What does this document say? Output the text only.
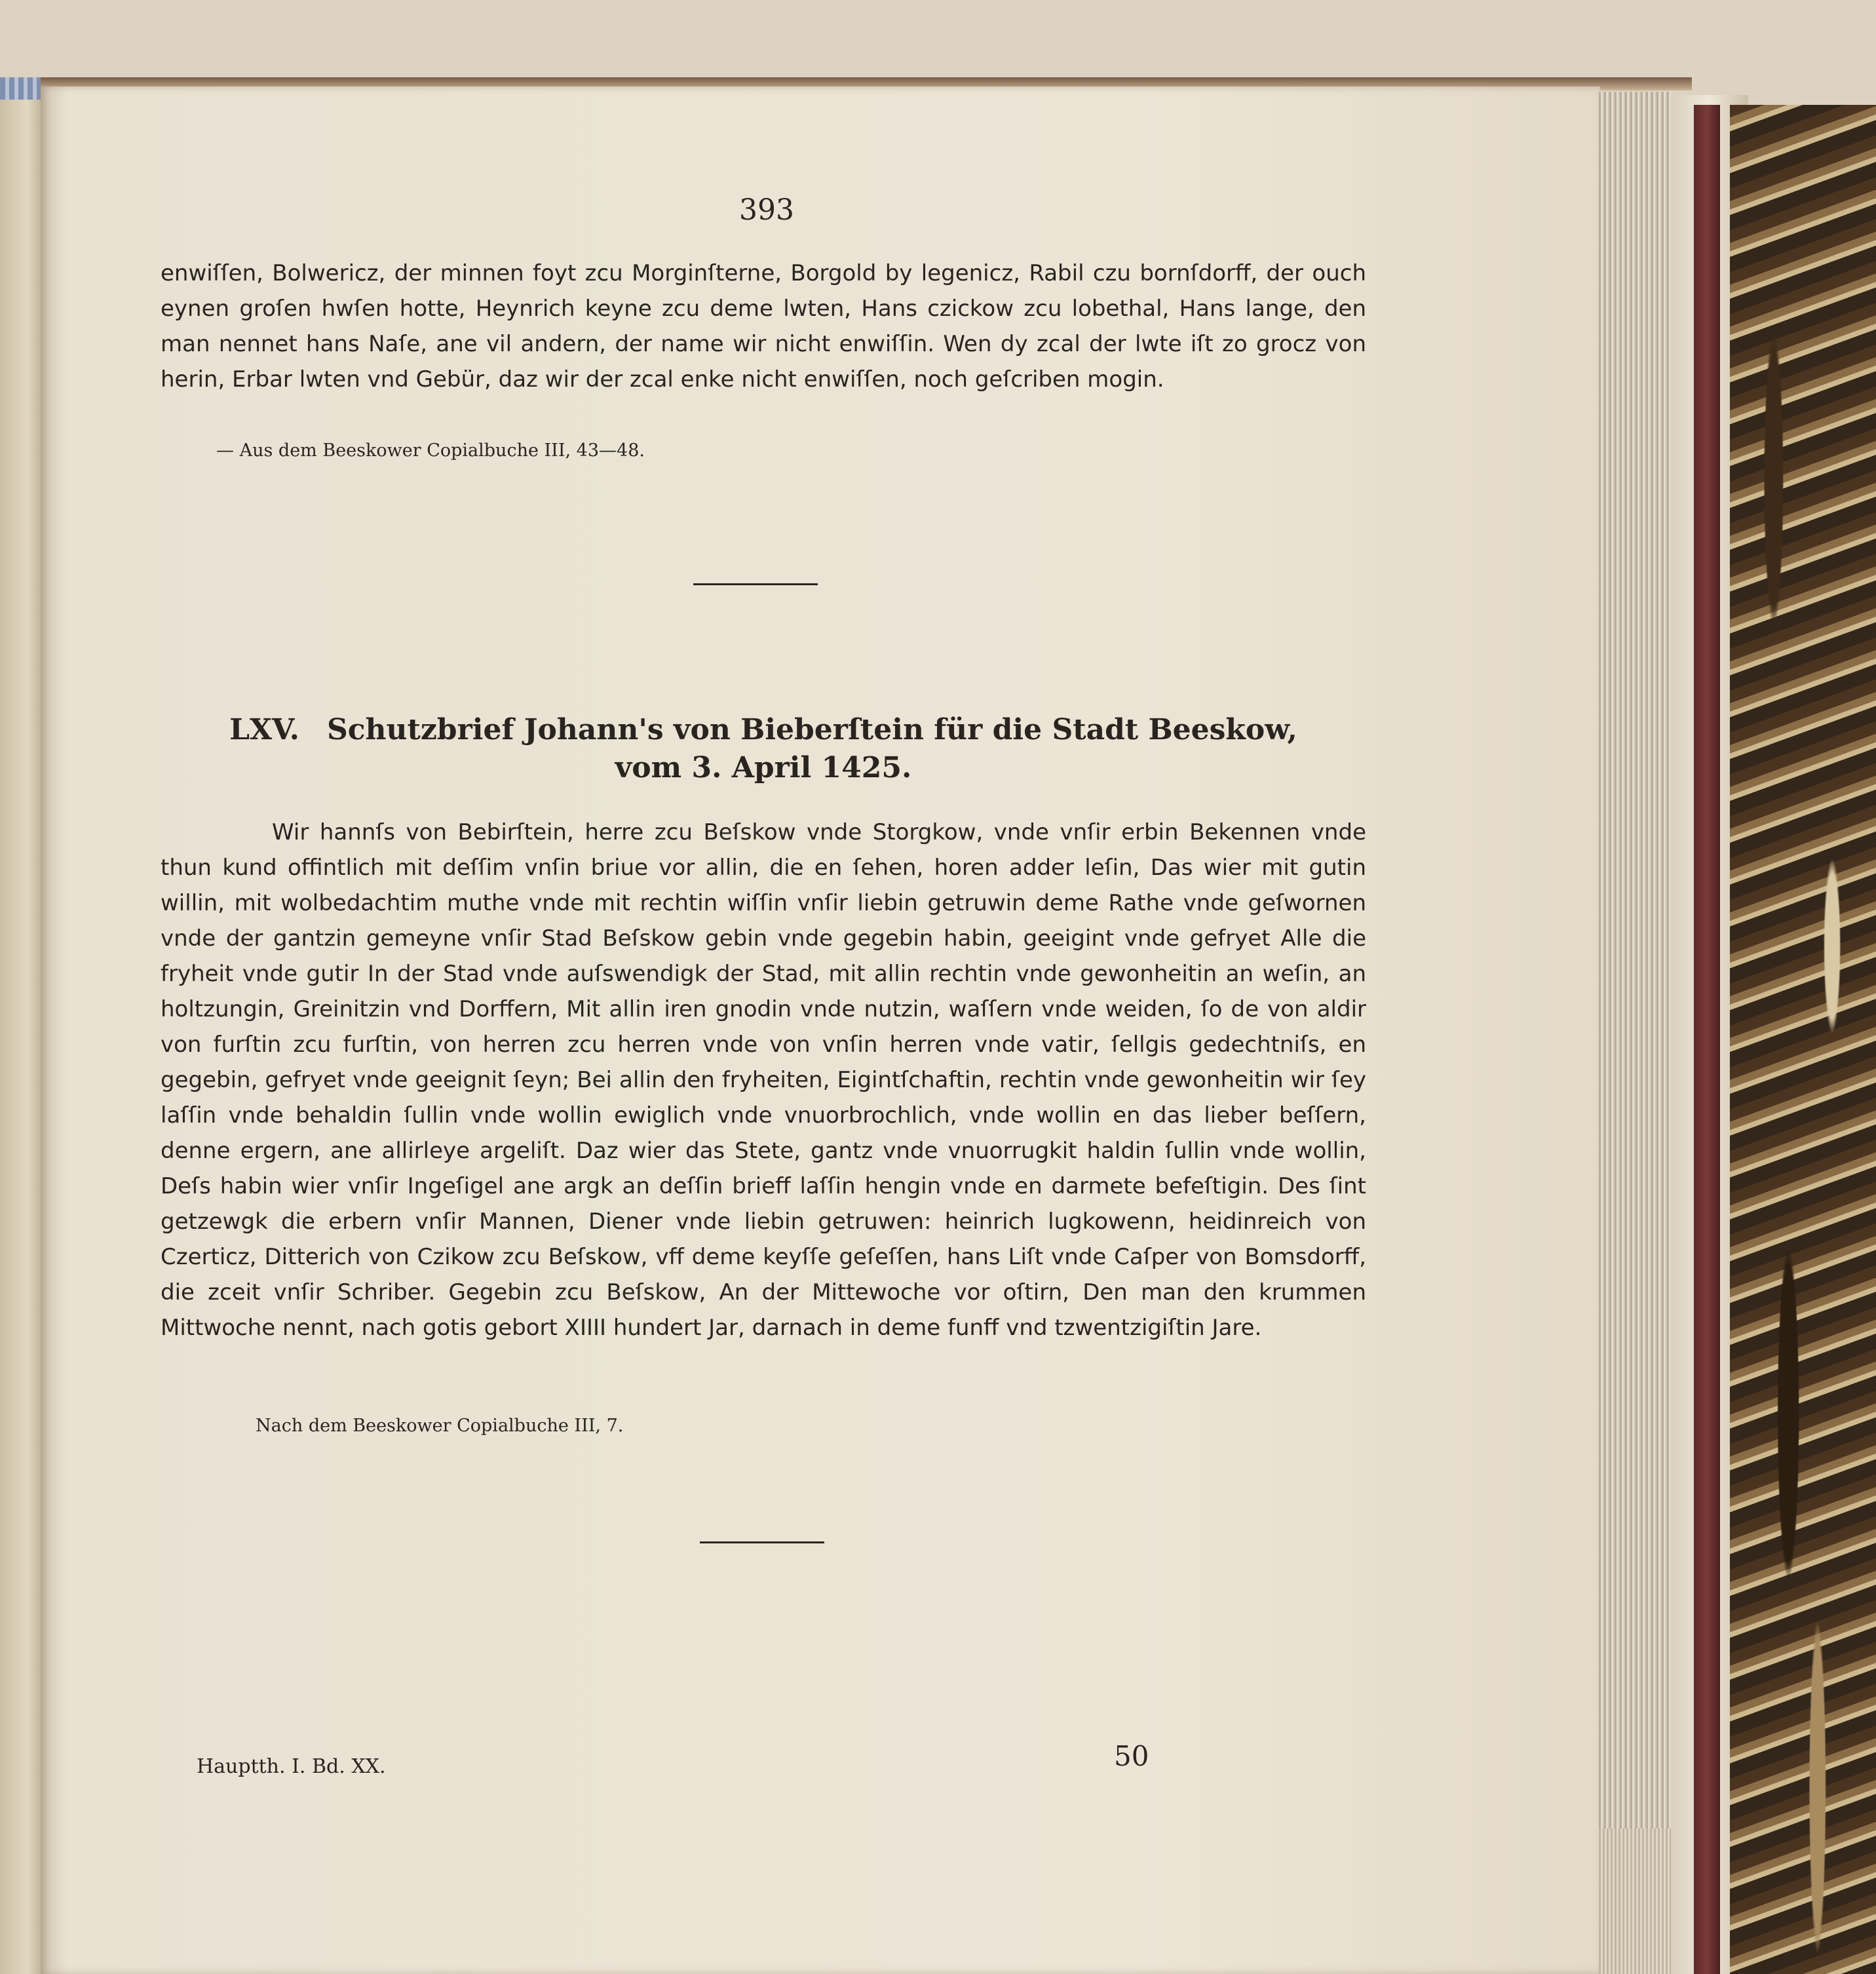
393

enwiſſen, Bolwericz, der minnen foyt zcu Morginſterne, Borgold by legenicz, Rabil czu bornſdorff, der ouch eynen groſen hwſen hotte, Heynrich keyne zcu deme lwten, Hans czickow zcu lobethal, Hans lange, den man nennet hans Naſe, ane vil andern, der name wir nicht enwiſſin. Wen dy zcal der lwte iſt zo grocz von herin, Erbar lwten vnd Gebür, daz wir der zcal enke nicht enwiſſen, noch geſcriben mogin.

— Aus dem Beeskower Copialbuche III, 43—48.
LXV. Schutzbrief Johann's von Bieberſtein für die Stadt Beeskow,
vom 3. April 1425.

Wir hannſs von Bebirſtein, herre zcu Beſskow vnde Storgkow, vnde vnſir erbin Bekennen vnde thun kund offintlich mit deſſim vnſin briue vor allin, die en ſehen, horen adder leſin, Das wier mit gutin willin, mit wolbedachtim muthe vnde mit rechtin wiſſin vnſir liebin getruwin deme Rathe vnde geſwornen vnde der gantzin gemeyne vnſir Stad Beſskow gebin vnde gegebin habin, geeigint vnde gefryet Alle die fryheit vnde gutir In der Stad vnde auſswendigk der Stad, mit allin rechtin vnde gewonheitin an weſin, an holtzungin, Greinitzin vnd Dorffern, Mit allin iren gnodin vnde nutzin, waſſern vnde weiden, ſo de von aldir von furſtin zcu furſtin, von herren zcu herren vnde von vnſin herren vnde vatir, ſellgis gedechtniſs, en gegebin, gefryet vnde geeignit ſeyn; Bei allin den fryheiten, Eigintſchaftin, rechtin vnde gewonheitin wir ſey laſſin vnde behaldin ſullin vnde wollin ewiglich vnde vnuorbrochlich, vnde wollin en das lieber beſſern, denne ergern, ane allirleye argeliſt. Daz wier das Stete, gantz vnde vnuorrugkit haldin ſullin vnde wollin, Deſs habin wier vnſir Ingeſigel ane argk an deſſin brieff laſſin hengin vnde en darmete befeſtigin. Des ſint getzewgk die erbern vnſir Mannen, Diener vnde liebin getruwen: heinrich lugkowenn, heidinreich von Czerticz, Ditterich von Czikow zcu Beſskow, vff deme keyſſe geſeſſen, hans Liſt vnde Caſper von Bomsdorff, die zceit vnſir Schriber. Gegebin zcu Beſskow, An der Mittewoche vor oſtirn, Den man den krummen Mittwoche nennt, nach gotis gebort XIIII hundert Jar, darnach in deme funff vnd tzwentzigiſtin Jare.

Nach dem Beeskower Copialbuche III, 7.
Hauptth. I. Bd. XX.	50
